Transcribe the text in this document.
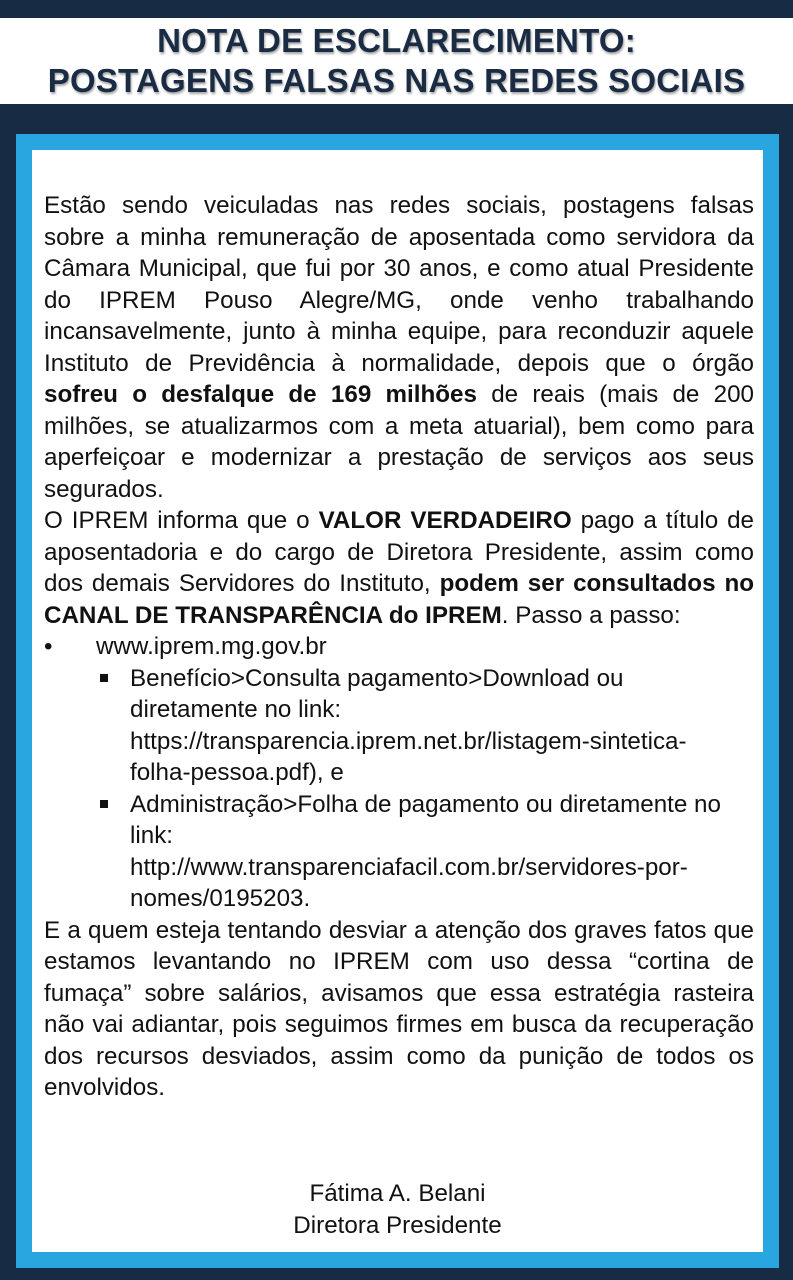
NOTA DE ESCLARECIMENTO:
POSTAGENS FALSAS NAS REDES SOCIAIS

Estão sendo veiculadas nas redes sociais, postagens falsas sobre a minha remuneração de aposentada como servidora da Câmara Municipal, que fui por 30 anos, e como atual Presidente do IPREM Pouso Alegre/MG, onde venho trabalhando incansavelmente, junto à minha equipe, para reconduzir aquele Instituto de Previdência à normalidade, depois que o órgão sofreu o desfalque de 169 milhões de reais (mais de 200 milhões, se atualizarmos com a meta atuarial), bem como para aperfeiçoar e modernizar a prestação de serviços aos seus segurados.

O IPREM informa que o VALOR VERDADEIRO pago a título de aposentadoria e do cargo de Diretora Presidente, assim como dos demais Servidores do Instituto, podem ser consultados no CANAL DE TRANSPARÊNCIA do IPREM. Passo a passo:

• www.iprem.mg.gov.br
Benefício>Consulta pagamento>Download ou diretamente no link:
https://transparencia.iprem.net.br/listagem-sintetica-
folha-pessoa.pdf), e
Administração>Folha de pagamento ou diretamente no link:
http://www.transparenciafacil.com.br/servidores-por-
nomes/0195203.

E a quem esteja tentando desviar a atenção dos graves fatos que estamos levantando no IPREM com uso dessa “cortina de fumaça” sobre salários, avisamos que essa estratégia rasteira não vai adiantar, pois seguimos firmes em busca da recuperação dos recursos desviados, assim como da punição de todos os envolvidos.

Fátima A. Belani
Diretora Presidente
